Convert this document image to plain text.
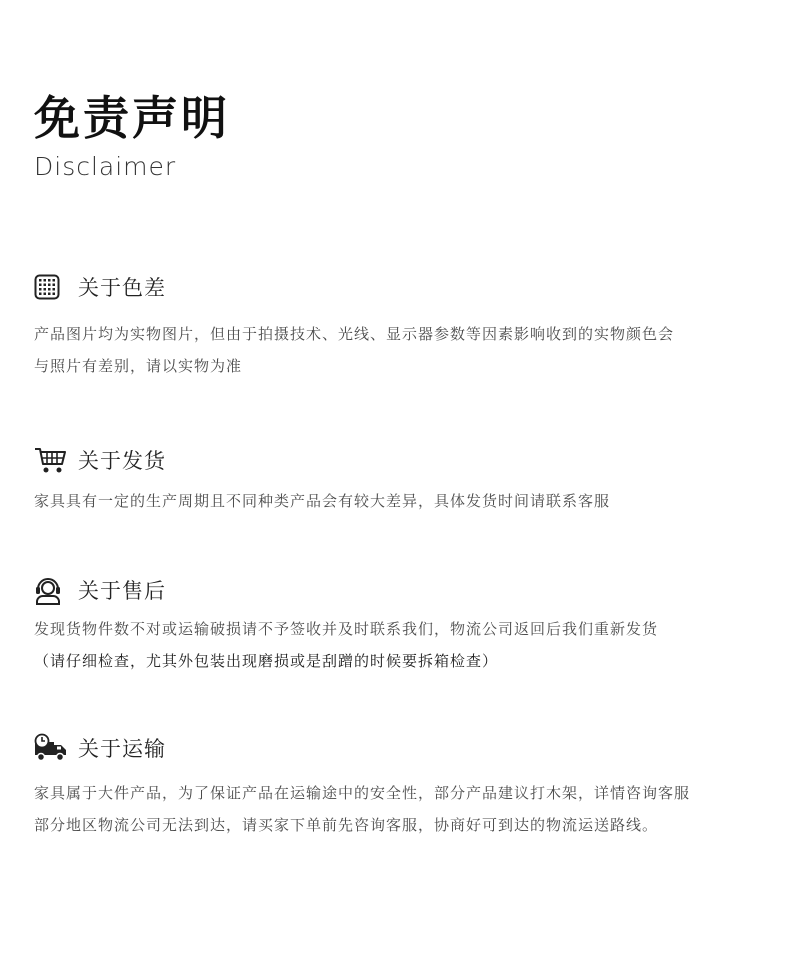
免责声明
Disclaimer
关于色差
产品图片均为实物图片，但由于拍摄技术、光线、显示器参数等因素影响收到的实物颜色会
与照片有差别，请以实物为准
关于发货
家具具有一定的生产周期且不同种类产品会有较大差异，具体发货时间请联系客服
关于售后
发现货物件数不对或运输破损请不予签收并及时联系我们，物流公司返回后我们重新发货
（请仔细检查，尤其外包装出现磨损或是刮蹭的时候要拆箱检查）
关于运输
家具属于大件产品，为了保证产品在运输途中的安全性，部分产品建议打木架，详情咨询客服
部分地区物流公司无法到达，请买家下单前先咨询客服，协商好可到达的物流运送路线。
